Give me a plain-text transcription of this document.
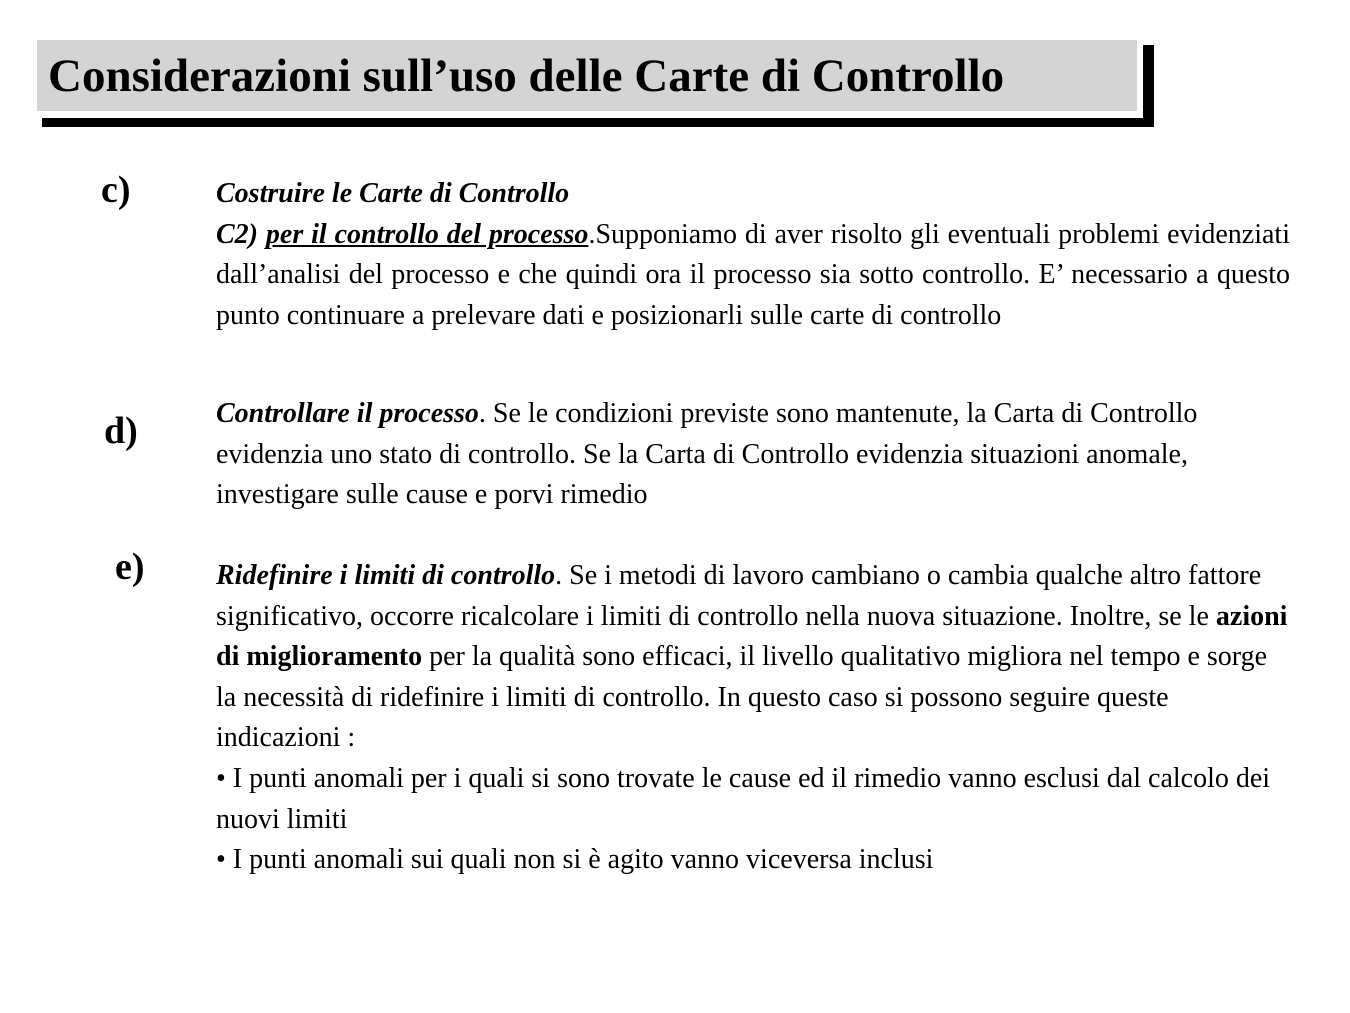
Considerazioni sull’uso delle Carte di Controllo
c)	Costruire le Carte di Controllo
C2) per il controllo del processo.Supponiamo di aver risolto gli eventuali problemi evidenziati dall’analisi del processo e che quindi ora il processo sia sotto controllo. E’ necessario a questo punto continuare a prelevare dati e posizionarli sulle carte di controllo
d)	Controllare il processo. Se le condizioni previste sono mantenute, la Carta di Controllo evidenzia uno stato di controllo. Se la Carta di Controllo evidenzia situazioni anomale, investigare sulle cause e porvi rimedio
e)	Ridefinire i limiti di controllo. Se i metodi di lavoro cambiano o cambia qualche altro fattore significativo, occorre ricalcolare i limiti di controllo nella nuova situazione. Inoltre, se le azioni di miglioramento per la qualità sono efficaci, il livello qualitativo migliora nel tempo e sorge la necessità di ridefinire i limiti di controllo. In questo caso si possono seguire queste indicazioni :
• I punti anomali per i quali si sono trovate le cause ed il rimedio vanno esclusi dal calcolo dei nuovi limiti
• I punti anomali sui quali non si è agito vanno viceversa inclusi
